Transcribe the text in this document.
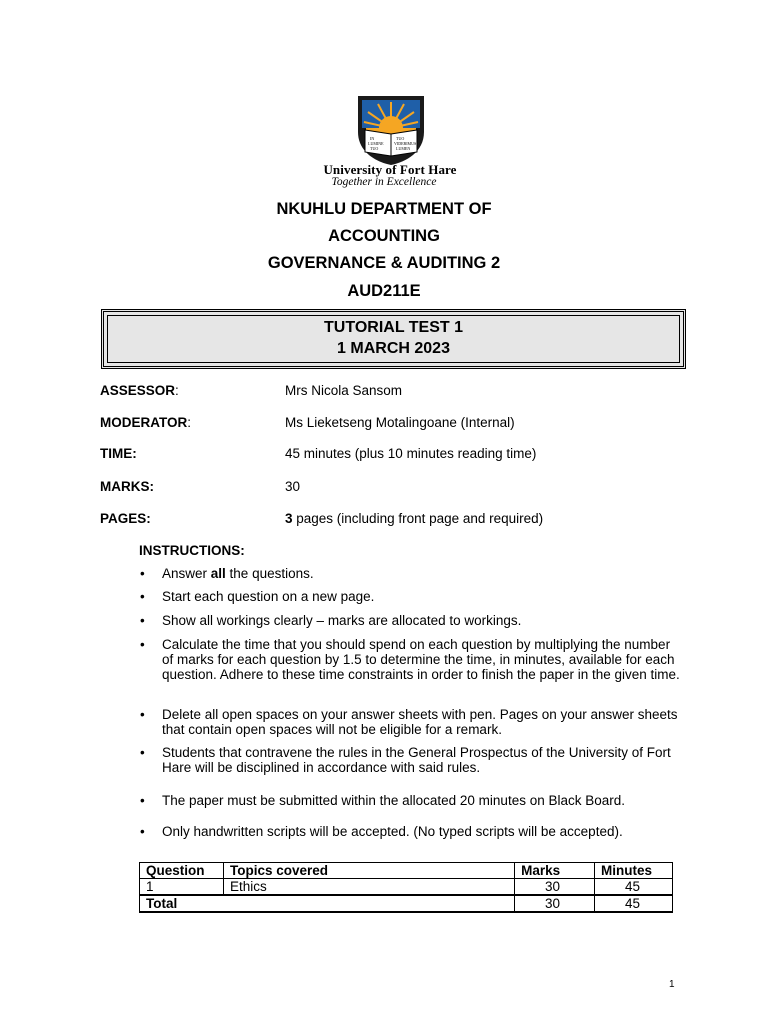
IN	TUO
LUMINE	VIDEBIMUS
TUO	LUMEN
University of Fort Hare
Together in Excellence
NKUHLU DEPARTMENT OF
ACCOUNTING
GOVERNANCE & AUDITING 2
AUD211E
TUTORIAL TEST 1
1 MARCH 2023
ASSESSOR:	Mrs Nicola Sansom
MODERATOR:	Ms Lieketseng Motalingoane (Internal)
TIME:	45 minutes (plus 10 minutes reading time)
MARKS:	30
PAGES:	3 pages (including front page and required)
INSTRUCTIONS:
• Answer all the questions.
• Start each question on a new page.
• Show all workings clearly – marks are allocated to workings.
• Calculate the time that you should spend on each question by multiplying the number of marks for each question by 1.5 to determine the time, in minutes, available for each question. Adhere to these time constraints in order to finish the paper in the given time.
• Delete all open spaces on your answer sheets with pen. Pages on your answer sheets that contain open spaces will not be eligible for a remark.
• Students that contravene the rules in the General Prospectus of the University of Fort Hare will be disciplined in accordance with said rules.
• The paper must be submitted within the allocated 20 minutes on Black Board.
• Only handwritten scripts will be accepted. (No typed scripts will be accepted).
Question	Topics covered	Marks	Minutes
1	Ethics	30	45
Total		30	45
1
